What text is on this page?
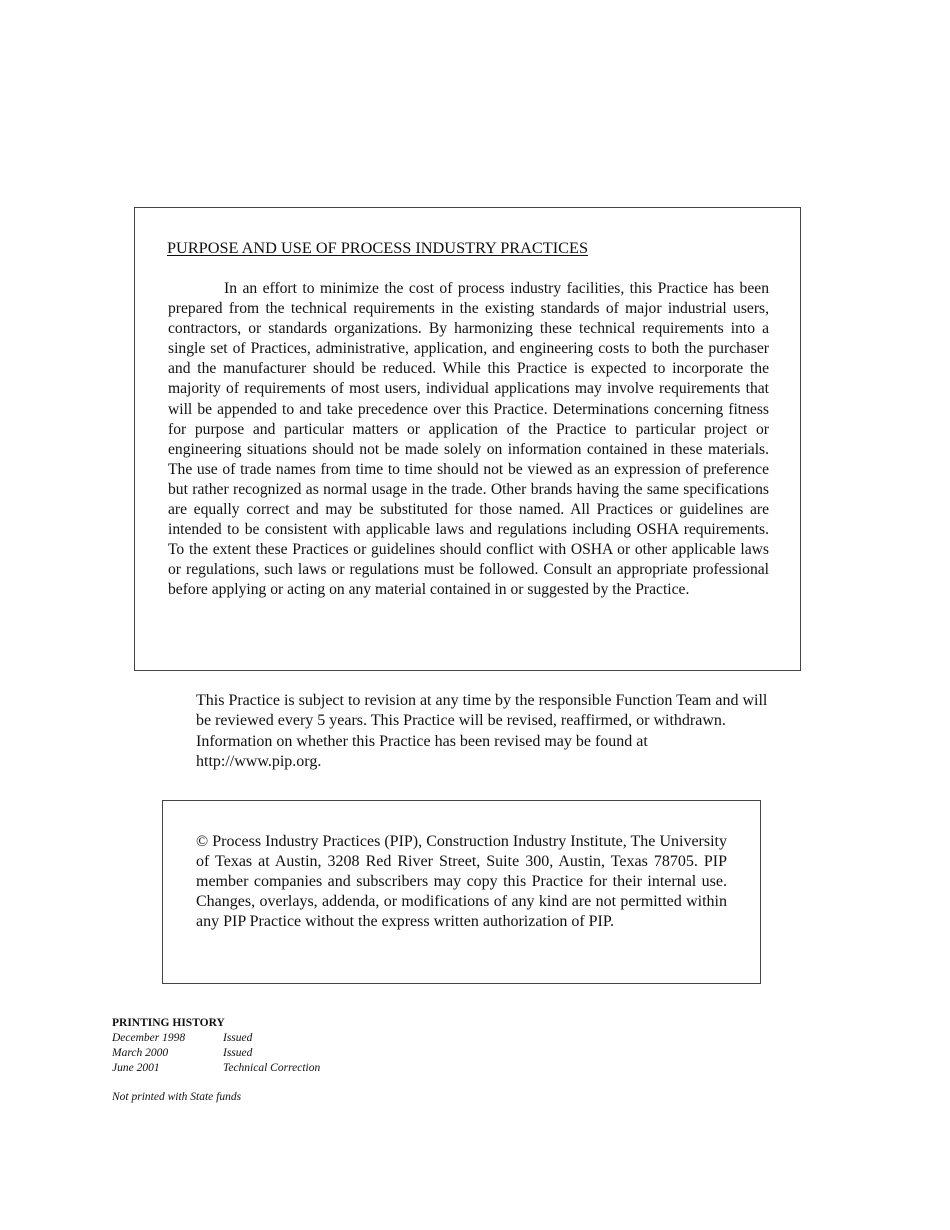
PURPOSE AND USE OF PROCESS INDUSTRY PRACTICES

In an effort to minimize the cost of process industry facilities, this Practice has been prepared from the technical requirements in the existing standards of major industrial users, contractors, or standards organizations. By harmonizing these technical requirements into a single set of Practices, administrative, application, and engineering costs to both the purchaser and the manufacturer should be reduced. While this Practice is expected to incorporate the majority of requirements of most users, individual applications may involve requirements that will be appended to and take precedence over this Practice. Determinations concerning fitness for purpose and particular matters or application of the Practice to particular project or engineering situations should not be made solely on information contained in these materials. The use of trade names from time to time should not be viewed as an expression of preference but rather recognized as normal usage in the trade. Other brands having the same specifications are equally correct and may be substituted for those named. All Practices or guidelines are intended to be consistent with applicable laws and regulations including OSHA requirements. To the extent these Practices or guidelines should conflict with OSHA or other applicable laws or regulations, such laws or regulations must be followed. Consult an appropriate professional before applying or acting on any material contained in or suggested by the Practice.

This Practice is subject to revision at any time by the responsible Function Team and will be reviewed every 5 years. This Practice will be revised, reaffirmed, or withdrawn. Information on whether this Practice has been revised may be found at http://www.pip.org.

© Process Industry Practices (PIP), Construction Industry Institute, The University of Texas at Austin, 3208 Red River Street, Suite 300, Austin, Texas 78705. PIP member companies and subscribers may copy this Practice for their internal use. Changes, overlays, addenda, or modifications of any kind are not permitted within any PIP Practice without the express written authorization of PIP.

PRINTING HISTORY
December 1998	Issued
March 2000	Issued
June 2001	Technical Correction
Not printed with State funds
